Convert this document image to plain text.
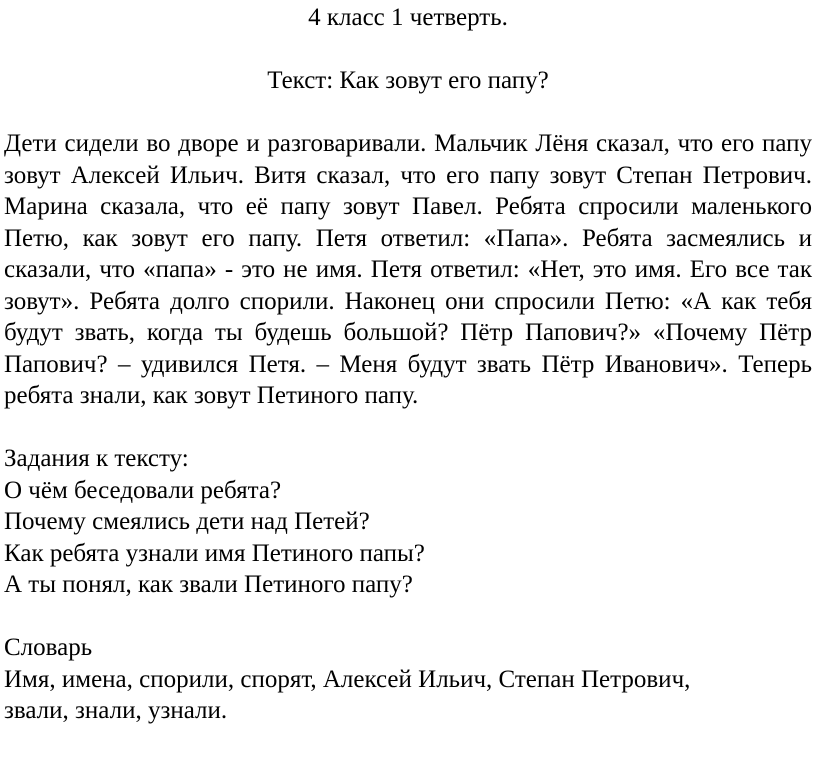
4 класс 1 четверть.

Текст: Как зовут его папу?

Дети сидели во дворе и разговаривали. Мальчик Лёня сказал, что его папу зовут Алексей Ильич. Витя сказал, что его папу зовут Степан Петрович. Марина сказала, что её папу зовут Павел. Ребята спросили маленького Петю, как зовут его папу. Петя ответил: «Папа». Ребята засмеялись и сказали, что «папа» - это не имя. Петя ответил: «Нет, это имя. Его все так зовут». Ребята долго спорили. Наконец они спросили Петю: «А как тебя будут звать, когда ты будешь большой? Пётр Папович?» «Почему Пётр Папович? – удивился Петя. – Меня будут звать Пётр Иванович». Теперь ребята знали, как зовут Петиного папу.

Задания к тексту:
О чём беседовали ребята?
Почему смеялись дети над Петей?
Как ребята узнали имя Петиного папы?
А ты понял, как звали Петиного папу?
Словарь
Имя, имена, спорили, спорят, Алексей Ильич, Степан Петрович,
звали, знали, узнали.
